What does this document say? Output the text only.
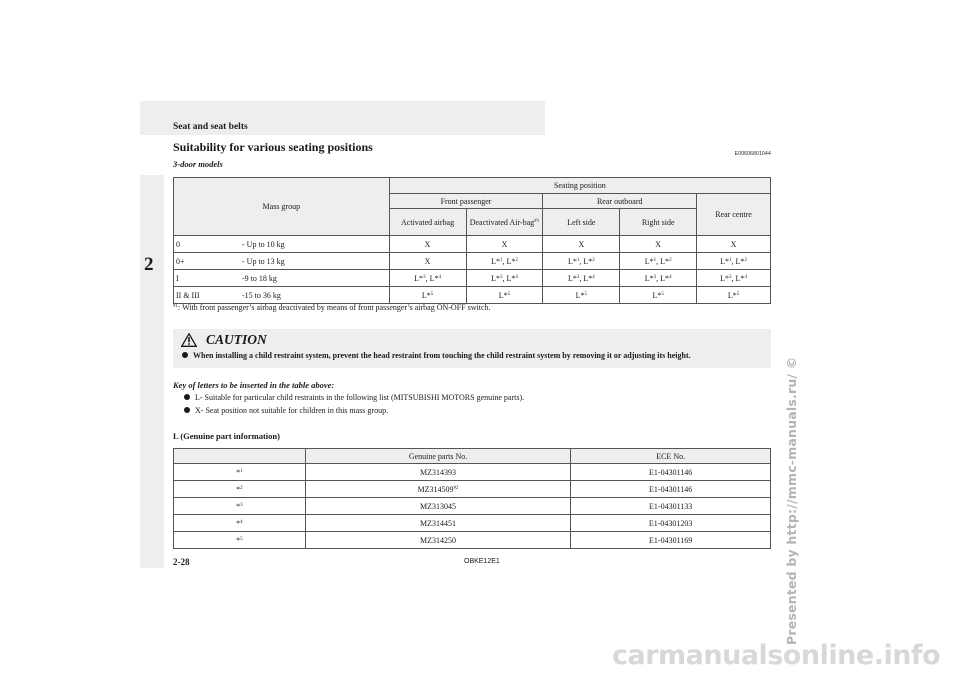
Seat and seat belts
Suitability for various seating positions	E00606801044
3-door models
2
Mass group	Seating position				
	Front passenger		Rear outboard		Rear centre
	Activated airbag	Deactivated Air-bag$^{\#1}$	Left side	Right side	
0 - Up to 10 kg	X	X	X	X	X
0+ - Up to 13 kg	X	L*$^1$, L*$^2$	L*$^1$, L*$^2$	L*$^1$, L*$^2$	L*$^1$, L*$^2$
I -9 to 18 kg	L*$^3$, L*$^4$	L*$^3$, L*$^4$	L*$^3$, L*$^4$	L*$^3$, L*$^4$	L*$^3$, L*$^4$
II & III -15 to 36 kg	L*$^5$	L*$^5$	L*$^5$	L*$^5$	L*$^5$
$^{\#1}$: With front passenger’s airbag deactivated by means of front passenger’s airbag ON-OFF switch.
CAUTION
When installing a child restraint system, prevent the head restraint from touching the child restraint system by removing it or adjusting its height.
Key of letters to be inserted in the table above:
L- Suitable for particular child restraints in the following list (MITSUBISHI MOTORS genuine parts).
X- Seat position not suitable for children in this mass group.
L (Genuine part information)
	Genuine parts No.	ECE No.
*$^1$	MZ314393	E1-04301146
*$^2$	MZ314509$^{\#2}$	E1-04301146
*$^3$	MZ313045	E1-04301133
*$^4$	MZ314451	E1-04301203
*$^5$	MZ314250	E1-04301169
2-28	OBKE12E1	Presented by http://mmc-manuals.ru/ ©
carmanualsonline.info
